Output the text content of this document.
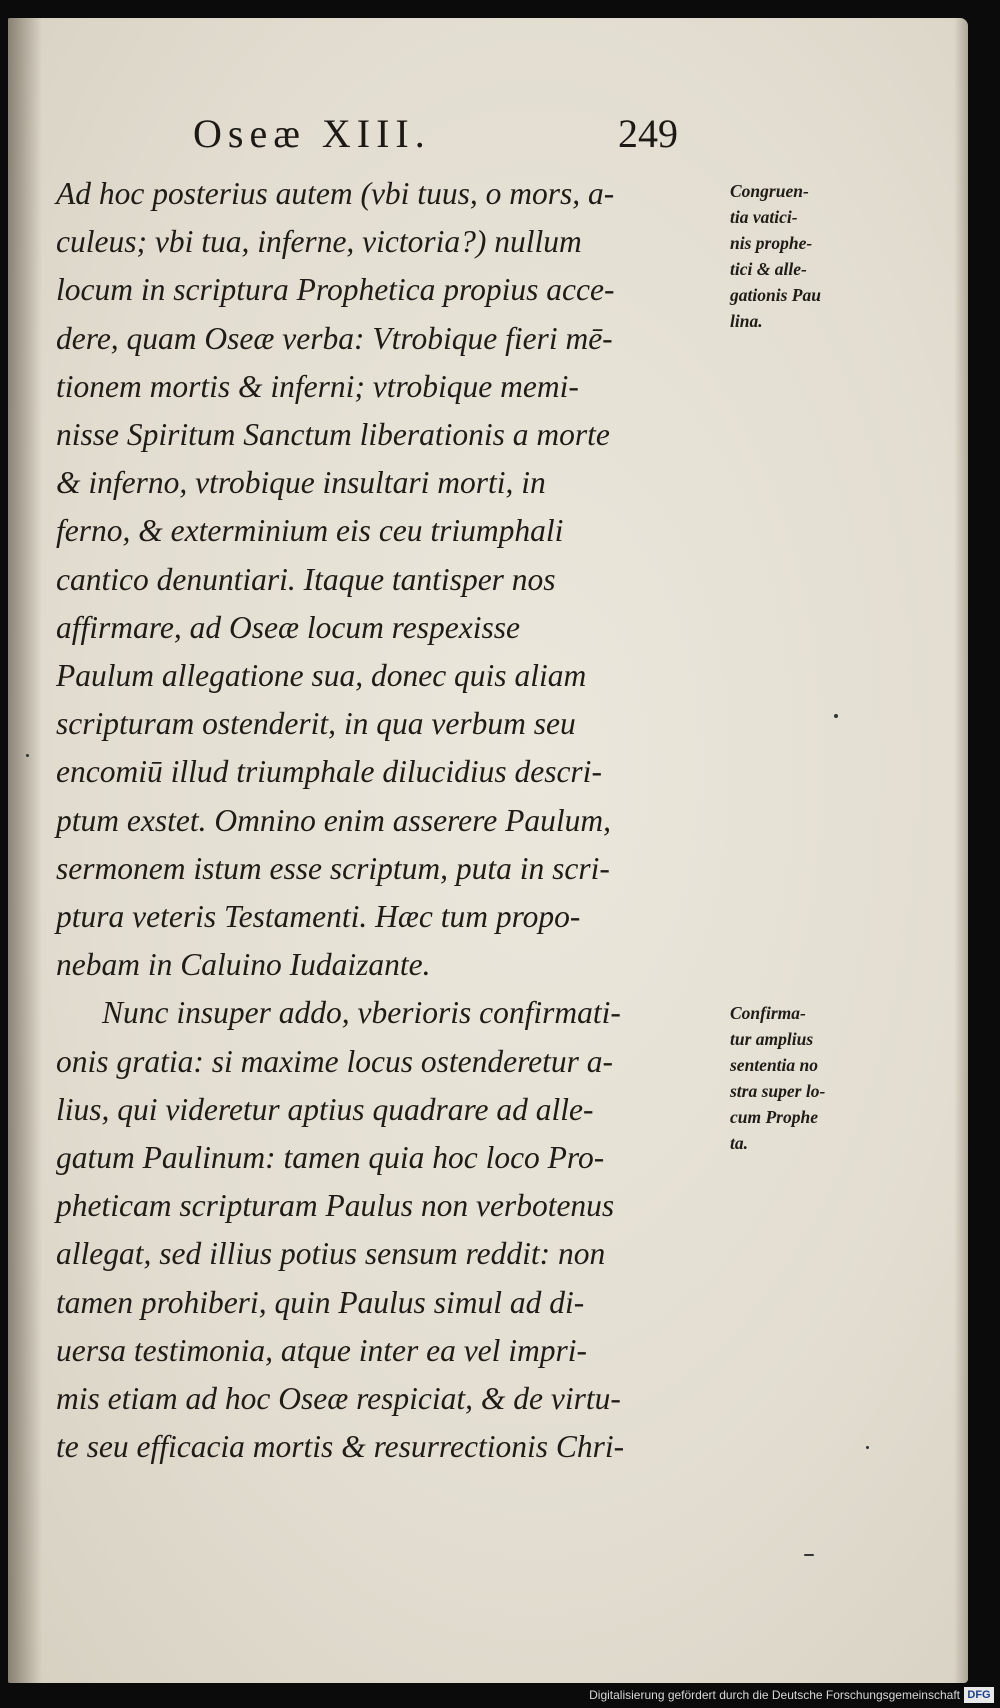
Oseæ XIII.	249
Ad hoc posterius autem (vbi tuus, o mors, a-
culeus; vbi tua, inferne, victoria?) nullum
locum in scriptura Prophetica propius acce-
dere, quam Oseæ verba: Vtrobique fieri mē-
tionem mortis & inferni; vtrobique memi-
nisse Spiritum Sanctum liberationis a morte
& inferno, vtrobique insultari morti, in
ferno, & exterminium eis ceu triumphali
cantico denuntiari. Itaque tantisper nos
affirmare, ad Oseæ locum respexisse
Paulum allegatione sua, donec quis aliam
scripturam ostenderit, in qua verbum seu
encomiū illud triumphale dilucidius descri-
ptum exstet. Omnino enim asserere Paulum,
sermonem istum esse scriptum, puta in scri-
ptura veteris Testamenti. Hæc tum propo-
nebam in Caluino Iudaizante.
Nunc insuper addo, vberioris confirmati-
onis gratia: si maxime locus ostenderetur a-
lius, qui videretur aptius quadrare ad alle-
gatum Paulinum: tamen quia hoc loco Pro-
pheticam scripturam Paulus non verbotenus
allegat, sed illius potius sensum reddit: non
tamen prohiberi, quin Paulus simul ad di-
uersa testimonia, atque inter ea vel impri-
mis etiam ad hoc Oseæ respiciat, & de virtu-
te seu efficacia mortis & resurrectionis Chri-
Congruen-
tia vatici-
nis prophe-
tici & alle-
gationis Pau
lina.
Confirma-
tur amplius
sententia no
stra super lo-
cum Prophe
ta.
Digitalisierung gefördert durch die Deutsche Forschungsgemeinschaft DFG
